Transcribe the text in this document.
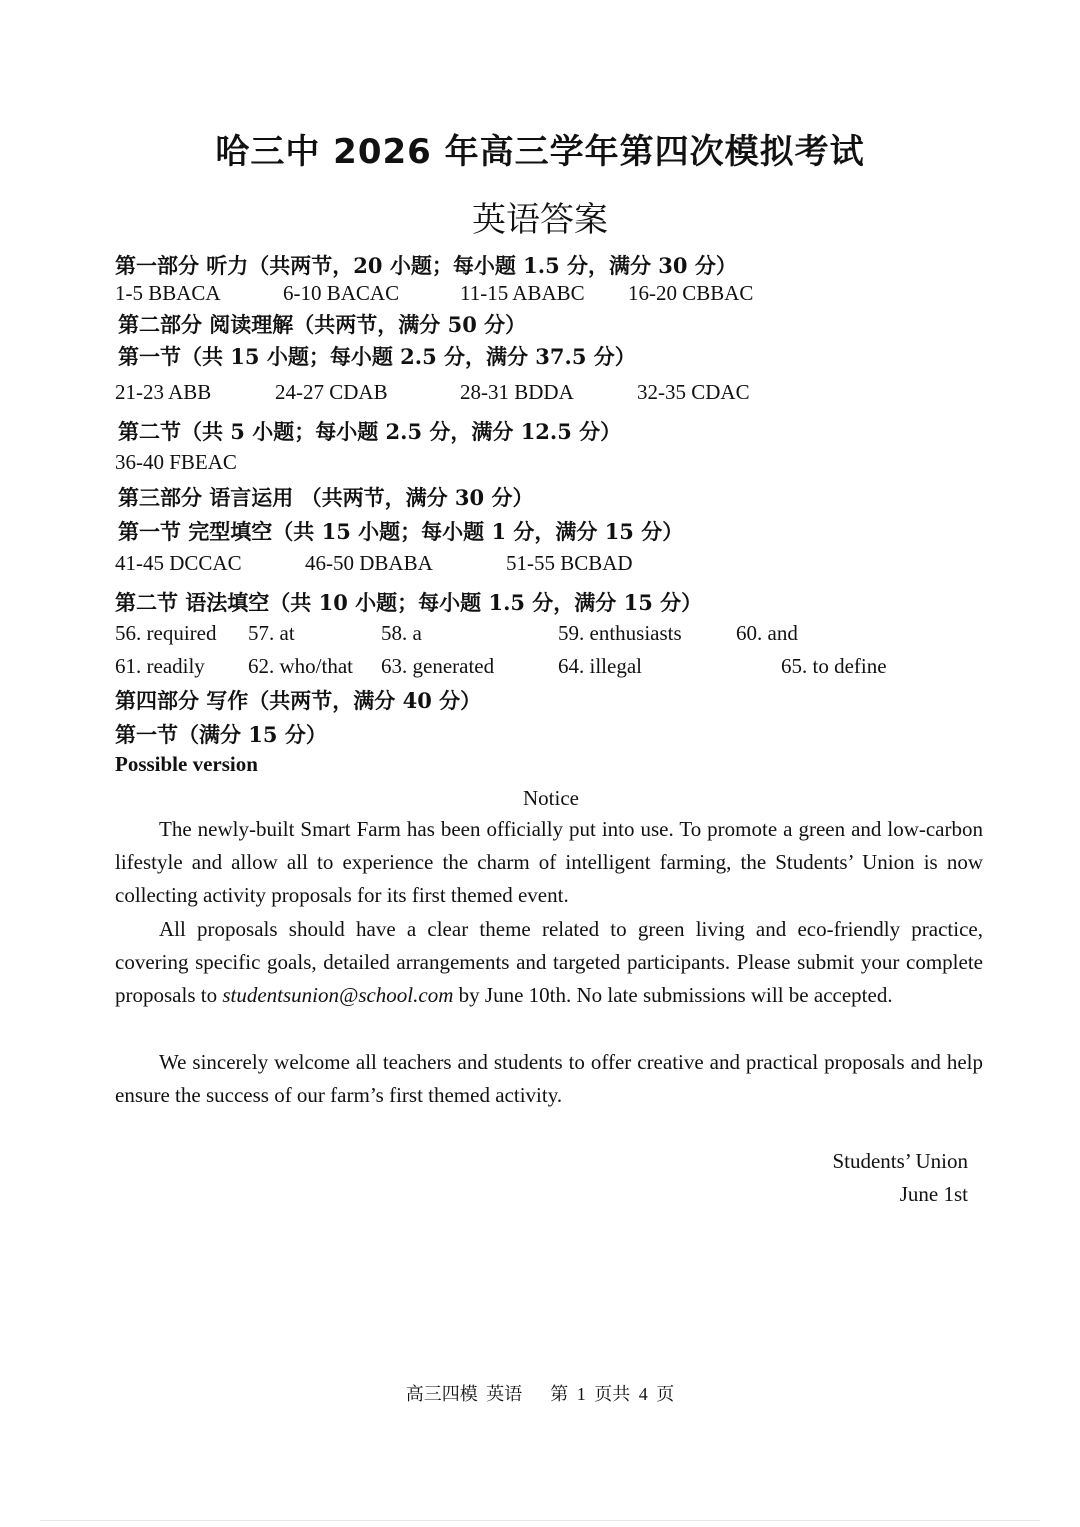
哈三中 2026 年高三学年第四次模拟考试
英语答案
第一部分 听力（共两节，20 小题；每小题 1.5 分，满分 30 分）
1-5 BBACA	6-10 BACAC	11-15 ABABC 16-20 CBBAC
第二部分 阅读理解（共两节，满分 50 分）
第一节（共 15 小题；每小题 2.5 分，满分 37.5 分）
21-23 ABB	24-27 CDAB	28-31 BDDA	32-35 CDAC
第二节（共 5 小题；每小题 2.5 分，满分 12.5 分）
36-40 FBEAC
第三部分 语言运用 （共两节，满分 30 分）
第一节 完型填空（共 15 小题；每小题 1 分，满分 15 分）
41-45 DCCAC	46-50 DBABA	51-55 BCBAD
第二节 语法填空（共 10 小题；每小题 1.5 分，满分 15 分）
56. required 57. at	58. a	59. enthusiasts	60. and
61. readily 62. who/that 63. generated	64. illegal	65. to define
第四部分 写作（共两节，满分 40 分）
第一节（满分 15 分）
Possible version
Notice
The newly-built Smart Farm has been officially put into use. To promote a green and low-carbon lifestyle and allow all to experience the charm of intelligent farming, the Students’ Union is now collecting activity proposals for its first themed event.
All proposals should have a clear theme related to green living and eco-friendly practice, covering specific goals, detailed arrangements and targeted participants. Please submit your complete proposals to studentsunion@school.com by June 10th. No late submissions will be accepted.
We sincerely welcome all teachers and students to offer creative and practical proposals and help ensure the success of our farm’s first themed activity.
Students’ Union
June 1st
高三四模 英语 第 1 页共 4 页
